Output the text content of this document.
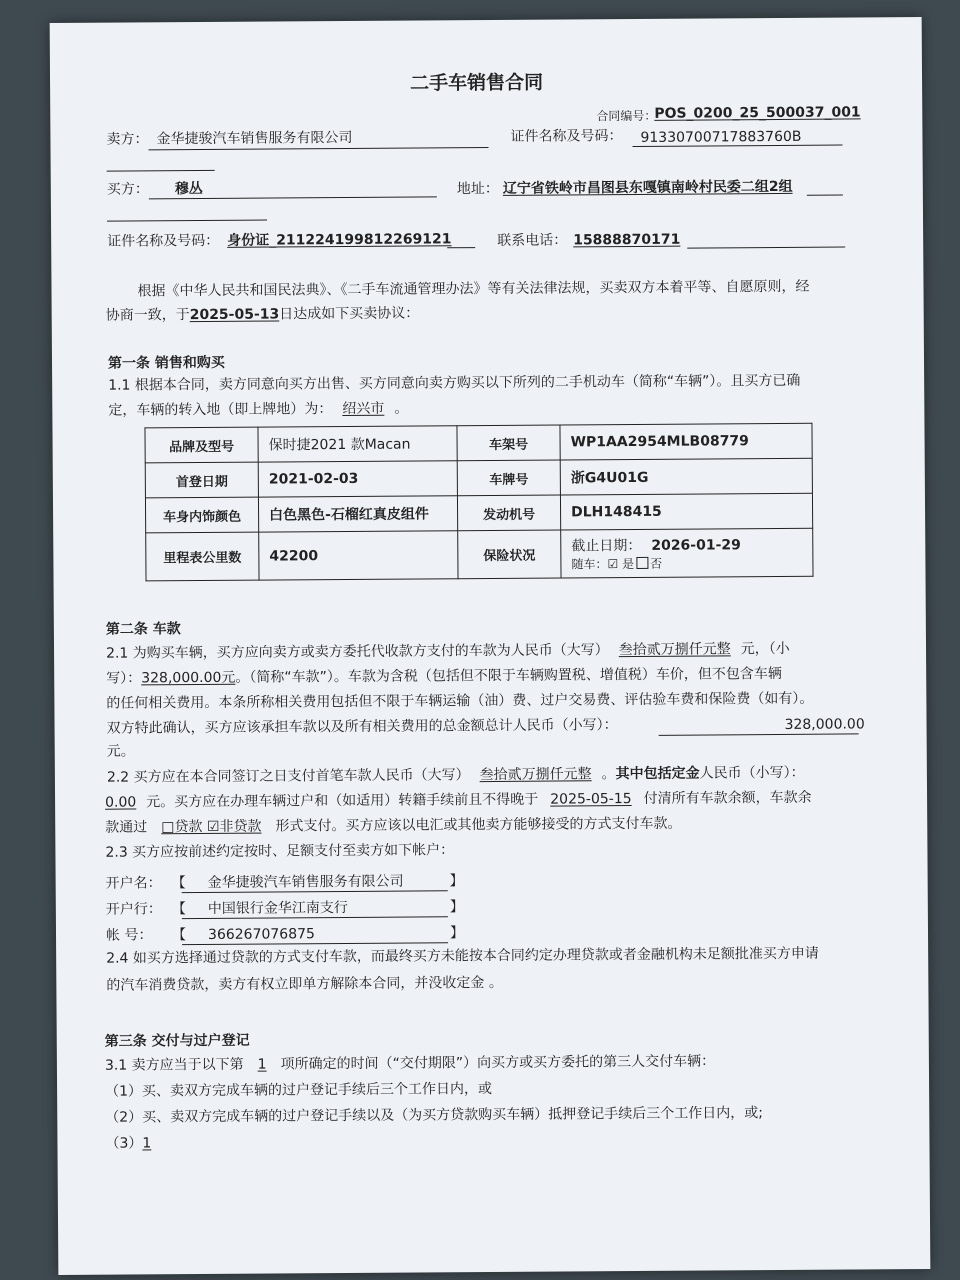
二手车销售合同
合同编号：
POS_0200_25_500037_001
卖方： 金华捷骏汽车销售服务有限公司	证件名称及号码： 91330700717883760B
买方： 穆丛	地址： 辽宁省铁岭市昌图县东嘎镇南岭村民委二组2组
证件名称及号码： 身份证_211224199812269121	联系电话： 15888870171
根据《中华人民共和国民法典》、《二手车流通管理办法》等有关法律法规，买卖双方本着平等、自愿原则，经
协商一致，于2025-05-13日达成如下买卖协议：
第一条 销售和购买
1.1 根据本合同，卖方同意向买方出售、买方同意向卖方购买以下所列的二手机动车（简称“车辆”）。且买方已确
定，车辆的转入地（即上牌地）为： 绍兴市 。
品牌及型号	保时捷2021 款Macan	车架号	WP1AA2954MLB08779
首登日期	2021-02-03	车牌号	浙G4U01G
车身内饰颜色	白色黑色-石榴红真皮组件	发动机号	DLH148415
里程表公里数	42200	保险状况	截止日期： 2026-01-29
随车：☑ 是 否
第二条 车款
2.1 为购买车辆，买方应向卖方或卖方委托代收款方支付的车款为人民币（大写） 叁拾贰万捌仟元整 元，（小
写）：328,000.00元。（简称“车款”）。车款为含税（包括但不限于车辆购置税、增值税）车价，但不包含车辆
的任何相关费用。本条所称相关费用包括但不限于车辆运输（油）费、过户交易费、评估验车费和保险费（如有）。
双方特此确认，买方应该承担车款以及所有相关费用的总金额总计人民币（小写）：	328,000.00
元。
2.2 买方应在本合同签订之日支付首笔车款人民币（大写） 叁拾贰万捌仟元整 。其中包括定金人民币（小写）：
0.00 元。买方应在办理车辆过户和（如适用）转籍手续前且不得晚于 2025-05-15 付清所有车款余额，车款余
款通过 □贷款 ☑非贷款 形式支付。买方应该以电汇或其他卖方能够接受的方式支付车款。
2.3 买方应按前述约定按时、足额支付至卖方如下帐户：
开户名： 【 金华捷骏汽车销售服务有限公司	】
开户行： 【 中国银行金华江南支行	】
帐 号： 【 366267076875	】
2.4 如买方选择通过贷款的方式支付车款，而最终买方未能按本合同约定办理贷款或者金融机构未足额批准买方申请
的汽车消费贷款，卖方有权立即单方解除本合同，并没收定金 。
第三条 交付与过户登记
3.1 卖方应当于以下第 1 项所确定的时间（“交付期限”）向买方或买方委托的第三人交付车辆：
（1）买、卖双方完成车辆的过户登记手续后三个工作日内，或
（2）买、卖双方完成车辆的过户登记手续以及（为买方贷款购买车辆）抵押登记手续后三个工作日内，或;
（3）1
